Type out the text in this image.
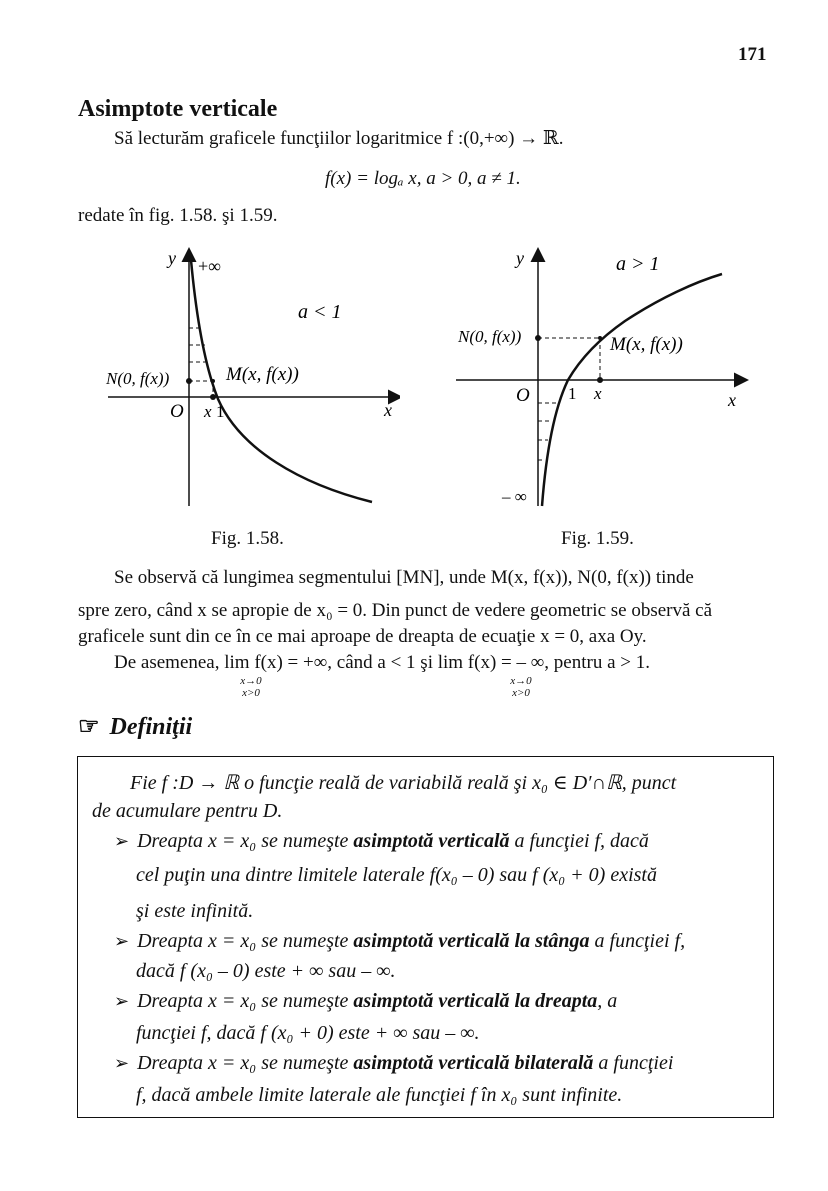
171
Asimptote verticale
Să lecturăm graficele funcţiilor logaritmice f :(0,+∞) → ℝ.
f(x) = logₐ x, a > 0, a ≠ 1.
redate în fig. 1.58. şi 1.59.
y +∞
a < 1
N(0, f(x))	M(x, f(x))
O x 1	x
y	a > 1
N(0, f(x))	M(x, f(x))
O 1 x	x
– ∞
Fig. 1.58.	Fig. 1.59.
Se observă că lungimea segmentului [MN], unde M(x, f(x)), N(0, f(x)) tinde
spre zero, când x se apropie de x₀ = 0. Din punct de vedere geometric se observă că
graficele sunt din ce în ce mai aproape de dreapta de ecuaţie x = 0, axa Oy.
De asemenea, lim f(x) = +∞, când a < 1 şi lim f(x) = – ∞, pentru a > 1.
x→0
x>0
x→0
x>0
☞ Definiţii
Fie f :D → ℝ o funcţie reală de variabilă reală şi x₀ ∈ D′∩ℝ, punct
de acumulare pentru D.
➢ Dreapta x = x₀ se numeşte asimptotă verticală a funcţiei f, dacă
cel puţin una dintre limitele laterale f(x₀ – 0) sau f (x₀ + 0) există
şi este infinită.
➢ Dreapta x = x₀ se numeşte asimptotă verticală la stânga a funcţiei f,
dacă f (x₀ – 0) este + ∞ sau – ∞.
➢ Dreapta x = x₀ se numeşte asimptotă verticală la dreapta, a
funcţiei f, dacă f (x₀ + 0) este + ∞ sau – ∞.
➢ Dreapta x = x₀ se numeşte asimptotă verticală bilaterală a funcţiei
f, dacă ambele limite laterale ale funcţiei f în x₀ sunt infinite.
